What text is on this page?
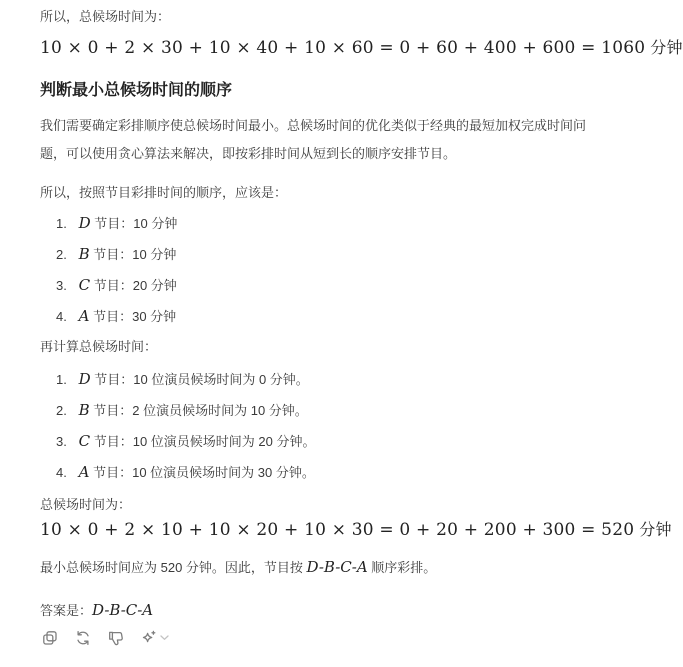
所以，总候场时间为：

10 × 0 + 2 × 30 + 10 × 40 + 10 × 60 = 0 + 60 + 400 + 600 = 1060 分钟
判断最小总候场时间的顺序

我们需要确定彩排顺序使总候场时间最小。总候场时间的优化类似于经典的最短加权完成时间问题，可以使用贪心算法来解决，即按彩排时间从短到长的顺序安排节目。

所以，按照节目彩排时间的顺序，应该是：

1. D 节目：10 分钟
2. B 节目：10 分钟
3. C 节目：20 分钟
4. A 节目：30 分钟

再计算总候场时间：

1. D 节目：10 位演员候场时间为 0 分钟。
2. B 节目：2 位演员候场时间为 10 分钟。
3. C 节目：10 位演员候场时间为 20 分钟。
4. A 节目：10 位演员候场时间为 30 分钟。

总候场时间为：

10 × 0 + 2 × 10 + 10 × 20 + 10 × 30 = 0 + 20 + 200 + 300 = 520 分钟

最小总候场时间应为 520 分钟。因此，节目按 D-B-C-A 顺序彩排。

答案是：D-B-C-A
